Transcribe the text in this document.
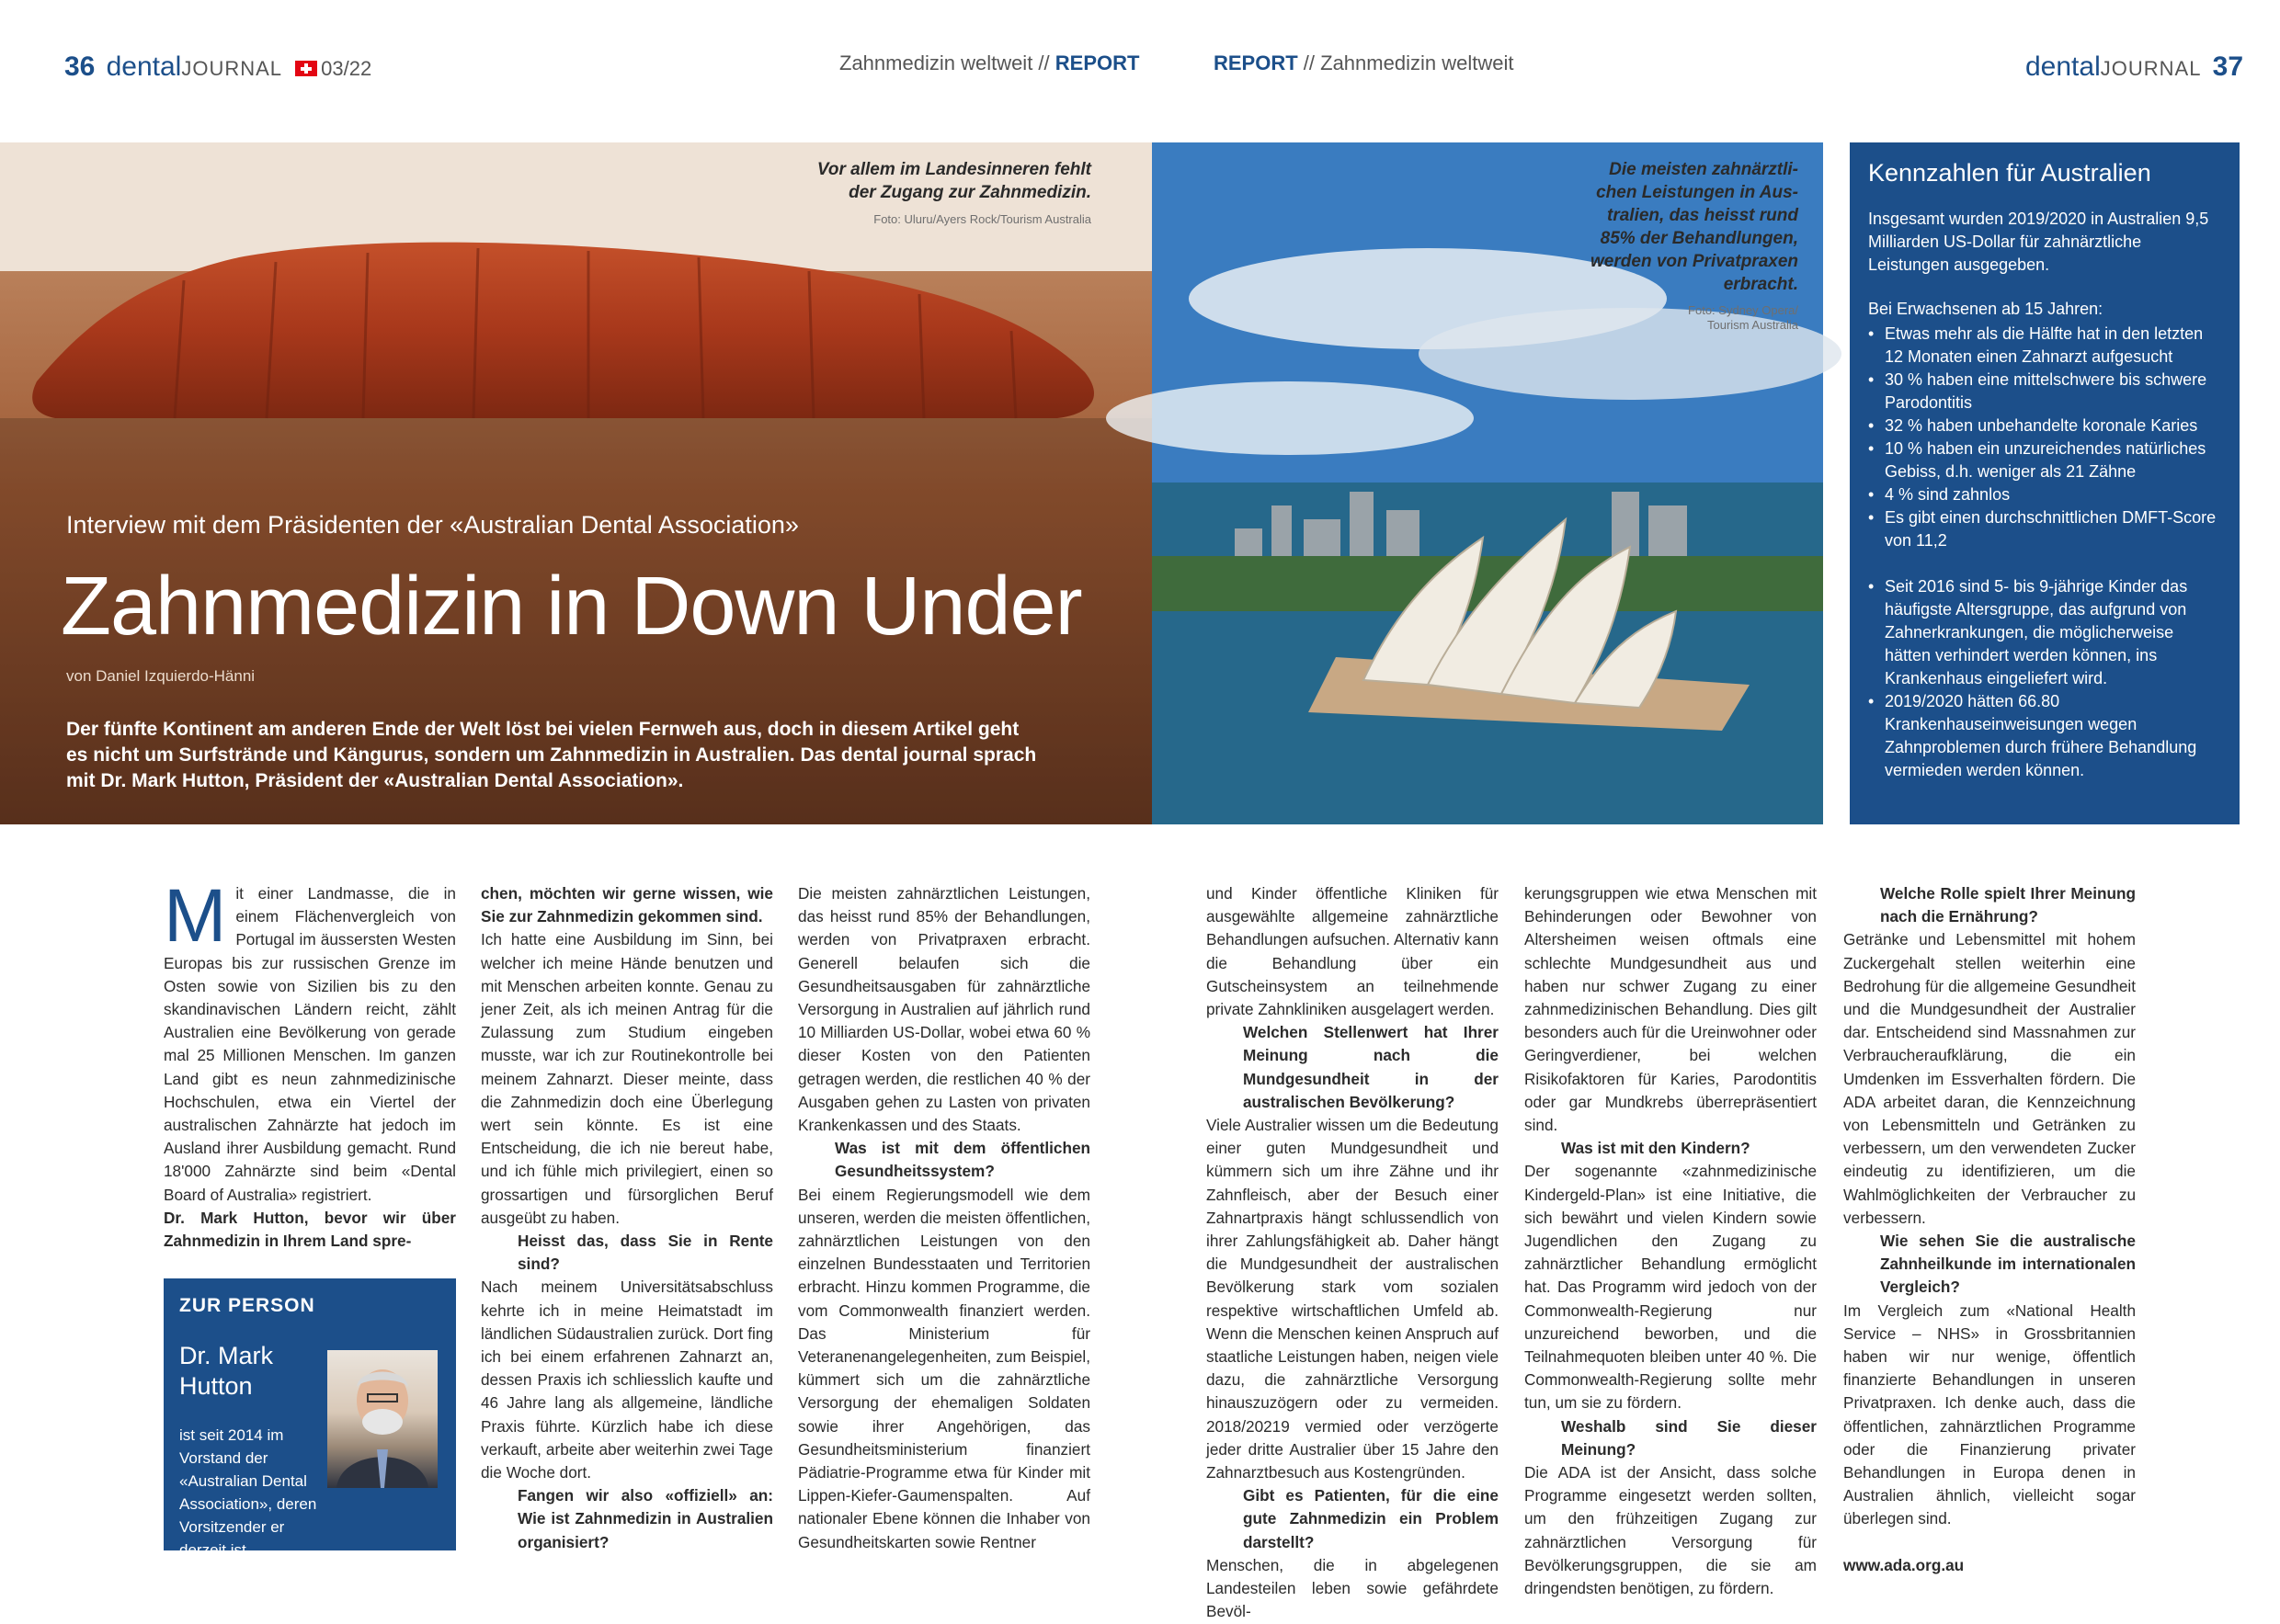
36 dentalJOURNAL 03/22	Zahnmedizin weltweit // REPORT	REPORT // Zahnmedizin weltweit	dentalJOURNAL 37
Vor allem im Landesinneren fehlt
der Zugang zur Zahnmedizin.
Foto: Uluru/Ayers Rock/Tourism Australia
Interview mit dem Präsidenten der «Australian Dental Association»
Zahnmedizin in Down Under
von Daniel Izquierdo-Hänni
Der fünfte Kontinent am anderen Ende der Welt löst bei vielen Fernweh aus, doch in diesem Artikel geht es nicht um Surfstrände und Kängurus, sondern um Zahnmedizin in Australien. Das dental journal sprach mit Dr. Mark Hutton, Präsident der «Australian Dental Association».
Die meisten zahnärztli-
chen Leistungen in Aus-
tralien, das heisst rund
85% der Behandlungen,
werden von Privatpraxen
erbracht.
Foto: Sydney Opera/
Tourism Australia
Kennzahlen für Australien

Insgesamt wurden 2019/2020 in Australien 9,5 Milliarden US-Dollar für zahnärztliche Leistungen ausgegeben.

Bei Erwachsenen ab 15 Jahren:

• Etwas mehr als die Hälfte hat in den letzten 12 Monaten einen Zahnarzt aufgesucht
• 30 % haben eine mittelschwere bis schwere Parodontitis
• 32 % haben unbehandelte koronale Karies
• 10 % haben ein unzureichendes natürliches Gebiss, d.h. weniger als 21 Zähne
• 4 % sind zahnlos
• Es gibt einen durchschnittlichen DMFT-Score von 11,2
• Seit 2016 sind 5- bis 9-jährige Kinder das häufigste Altersgruppe, das aufgrund von Zahnerkrankungen, die möglicherweise hätten verhindert werden können, ins Krankenhaus eingeliefert wird.
• 2019/2020 hätten 66.80 Krankenhauseinweisungen wegen Zahnproblemen durch frühere Behandlung vermieden werden können.

Mit einer Landmasse, die in einem Flächenvergleich von Portugal im äussersten Westen Europas bis zur russischen Grenze im Osten sowie von Sizilien bis zu den skandinavischen Ländern reicht, zählt Australien eine Bevölkerung von gerade mal 25 Millionen Menschen. Im ganzen Land gibt es neun zahnmedizinische Hochschulen, etwa ein Viertel der australischen Zahnärzte hat jedoch im Ausland ihrer Ausbildung gemacht. Rund 18'000 Zahnärzte sind beim «Dental Board of Australia» registriert.

Dr. Mark Hutton, bevor wir über Zahnmedizin in Ihrem Land spre-

ZUR PERSON
Dr. Mark Hutton
ist seit 2014 im Vorstand der «Australian Dental Association», deren Vorsitzender er derzeit ist.

chen, möchten wir gerne wissen, wie Sie zur Zahnmedizin gekommen sind.

Ich hatte eine Ausbildung im Sinn, bei welcher ich meine Hände benutzen und mit Menschen arbeiten konnte. Genau zu jener Zeit, als ich meinen Antrag für die Zulassung zum Studium eingeben musste, war ich zur Routinekontrolle bei meinem Zahnarzt. Dieser meinte, dass die Zahnmedizin doch eine Überlegung wert sein könnte. Es ist eine Entscheidung, die ich nie bereut habe, und ich fühle mich privilegiert, einen so grossartigen und fürsorglichen Beruf ausgeübt zu haben.

Heisst das, dass Sie in Rente sind?

Nach meinem Universitätsabschluss kehrte ich in meine Heimatstadt im ländlichen Südaustralien zurück. Dort fing ich bei einem erfahrenen Zahnarzt an, dessen Praxis ich schliesslich kaufte und 46 Jahre lang als allgemeine, ländliche Praxis führte. Kürzlich habe ich diese verkauft, arbeite aber weiterhin zwei Tage die Woche dort.

Fangen wir also «offiziell» an: Wie ist Zahnmedizin in Australien organisiert?

Die meisten zahnärztlichen Leistungen, das heisst rund 85% der Behandlungen, werden von Privatpraxen erbracht. Generell belaufen sich die Gesundheitsausgaben für zahnärztliche Versorgung in Australien auf jährlich rund 10 Milliarden US-Dollar, wobei etwa 60 % dieser Kosten von den Patienten getragen werden, die restlichen 40 % der Ausgaben gehen zu Lasten von privaten Krankenkassen und des Staats.

Was ist mit dem öffentlichen Gesundheitssystem?

Bei einem Regierungsmodell wie dem unseren, werden die meisten öffentlichen, zahnärztlichen Leistungen von den einzelnen Bundesstaaten und Territorien erbracht. Hinzu kommen Programme, die vom Commonwealth finanziert werden. Das Ministerium für Veteranenangelegenheiten, zum Beispiel, kümmert sich um die zahnärztliche Versorgung der ehemaligen Soldaten sowie ihrer Angehörigen, das Gesundheitsministerium finanziert Pädiatrie-Programme etwa für Kinder mit Lippen-Kiefer-Gaumenspalten. Auf nationaler Ebene können die Inhaber von Gesundheitskarten sowie Rentner

und Kinder öffentliche Kliniken für ausgewählte allgemeine zahnärztliche Behandlungen aufsuchen. Alternativ kann die Behandlung über ein Gutscheinsystem an teilnehmende private Zahnkliniken ausgelagert werden.

Welchen Stellenwert hat Ihrer Meinung nach die Mundgesundheit in der australischen Bevölkerung?

Viele Australier wissen um die Bedeutung einer guten Mundgesundheit und kümmern sich um ihre Zähne und ihr Zahnfleisch, aber der Besuch einer Zahnartpraxis hängt schlussendlich von ihrer Zahlungsfähigkeit ab. Daher hängt die Mundgesundheit der australischen Bevölkerung stark vom sozialen respektive wirtschaftlichen Umfeld ab. Wenn die Menschen keinen Anspruch auf staatliche Leistungen haben, neigen viele dazu, die zahnärztliche Versorgung hinauszuzögern oder zu vermeiden. 2018/20219 vermied oder verzögerte jeder dritte Australier über 15 Jahre den Zahnarztbesuch aus Kostengründen.

Gibt es Patienten, für die eine gute Zahnmedizin ein Problem darstellt?

Menschen, die in abgelegenen Landesteilen leben sowie gefährdete Bevöl-

kerungsgruppen wie etwa Menschen mit Behinderungen oder Bewohner von Altersheimen weisen oftmals eine schlechte Mundgesundheit aus und haben nur schwer Zugang zu einer zahnmedizinischen Behandlung. Dies gilt besonders auch für die Ureinwohner oder Geringverdiener, bei welchen Risikofaktoren für Karies, Parodontitis oder gar Mundkrebs überrepräsentiert sind.

Was ist mit den Kindern?

Der sogenannte «zahnmedizinische Kindergeld-Plan» ist eine Initiative, die sich bewährt und vielen Kindern sowie Jugendlichen den Zugang zu zahnärztlicher Behandlung ermöglicht hat. Das Programm wird jedoch von der Commonwealth-Regierung nur unzureichend beworben, und die Teilnahmequoten bleiben unter 40 %. Die Commonwealth-Regierung sollte mehr tun, um sie zu fördern.

Weshalb sind Sie dieser Meinung?

Die ADA ist der Ansicht, dass solche Programme eingesetzt werden sollten, um den frühzeitigen Zugang zur zahnärztlichen Versorgung für Bevölkerungsgruppen, die sie am dringendsten benötigen, zu fördern.

Welche Rolle spielt Ihrer Meinung nach die Ernährung?

Getränke und Lebensmittel mit hohem Zuckergehalt stellen weiterhin eine Bedrohung für die allgemeine Gesundheit und die Mundgesundheit der Australier dar. Entscheidend sind Massnahmen zur Verbraucheraufklärung, die ein Umdenken im Essverhalten fördern. Die ADA arbeitet daran, die Kennzeichnung von Lebensmitteln und Getränken zu verbessern, um den verwendeten Zucker eindeutig zu identifizieren, um die Wahlmöglichkeiten der Verbraucher zu verbessern.

Wie sehen Sie die australische Zahnheilkunde im internationalen Vergleich?

Im Vergleich zum «National Health Service – NHS» in Grossbritannien haben wir nur wenige, öffentlich finanzierte Behandlungen in unseren Privatpraxen. Ich denke auch, dass die öffentlichen, zahnärztlichen Programme oder die Finanzierung privater Behandlungen in Europa denen in Australien ähnlich, vielleicht sogar überlegen sind.

www.ada.org.au
